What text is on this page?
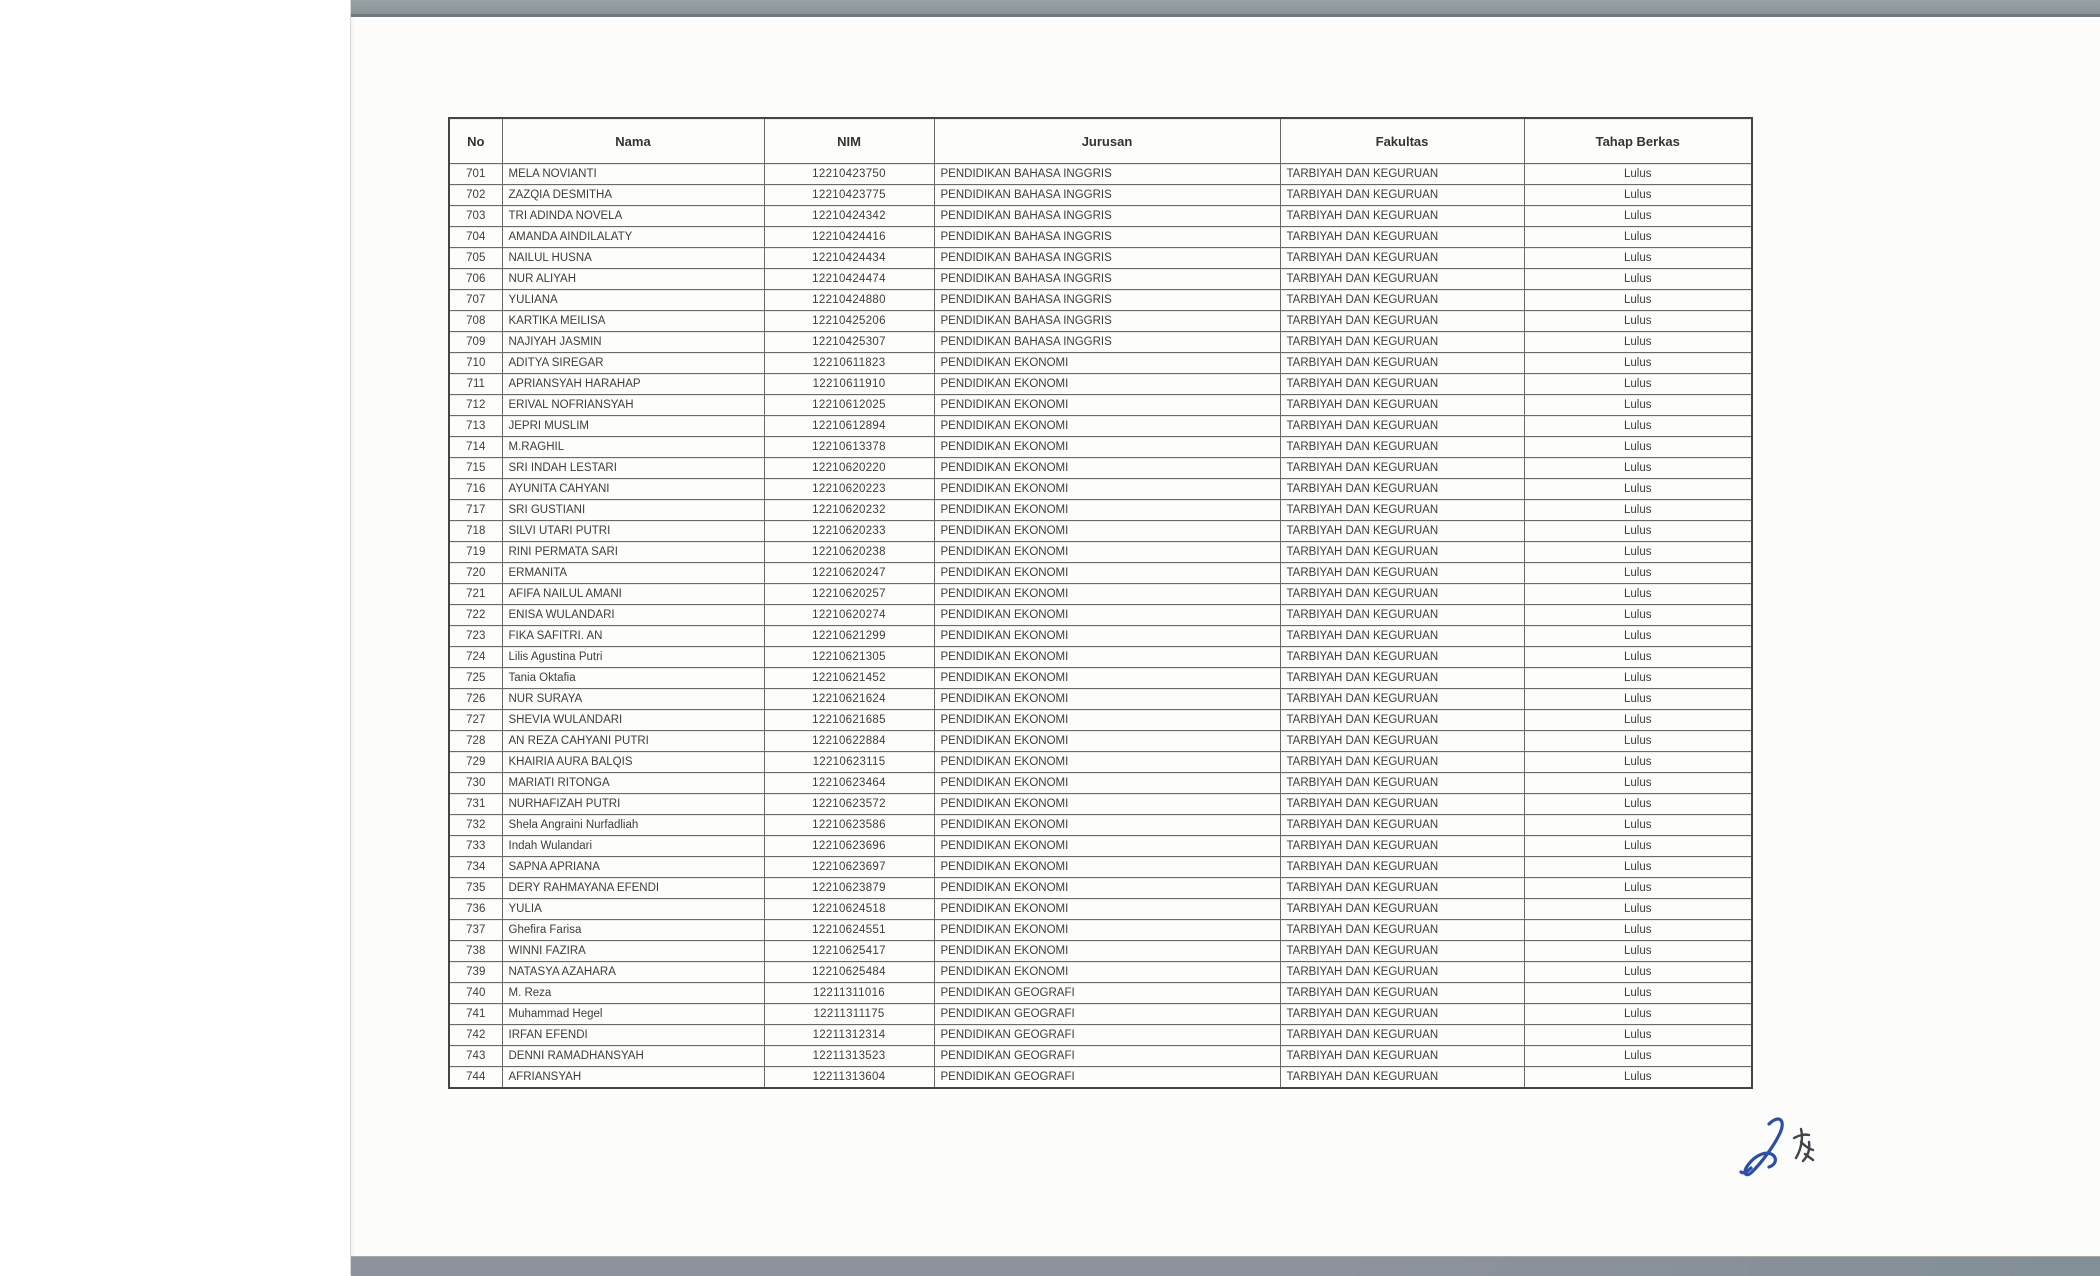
No	Nama	NIM	Jurusan	Fakultas	Tahap Berkas
701	MELA NOVIANTI	12210423750	PENDIDIKAN BAHASA INGGRIS	TARBIYAH DAN KEGURUAN	Lulus
702	ZAZQIA DESMITHA	12210423775	PENDIDIKAN BAHASA INGGRIS	TARBIYAH DAN KEGURUAN	Lulus
703	TRI ADINDA NOVELA	12210424342	PENDIDIKAN BAHASA INGGRIS	TARBIYAH DAN KEGURUAN	Lulus
704	AMANDA AINDILALATY	12210424416	PENDIDIKAN BAHASA INGGRIS	TARBIYAH DAN KEGURUAN	Lulus
705	NAILUL HUSNA	12210424434	PENDIDIKAN BAHASA INGGRIS	TARBIYAH DAN KEGURUAN	Lulus
706	NUR ALIYAH	12210424474	PENDIDIKAN BAHASA INGGRIS	TARBIYAH DAN KEGURUAN	Lulus
707	YULIANA	12210424880	PENDIDIKAN BAHASA INGGRIS	TARBIYAH DAN KEGURUAN	Lulus
708	KARTIKA MEILISA	12210425206	PENDIDIKAN BAHASA INGGRIS	TARBIYAH DAN KEGURUAN	Lulus
709	NAJIYAH JASMIN	12210425307	PENDIDIKAN BAHASA INGGRIS	TARBIYAH DAN KEGURUAN	Lulus
710	ADITYA SIREGAR	12210611823	PENDIDIKAN EKONOMI	TARBIYAH DAN KEGURUAN	Lulus
711	APRIANSYAH HARAHAP	12210611910	PENDIDIKAN EKONOMI	TARBIYAH DAN KEGURUAN	Lulus
712	ERIVAL NOFRIANSYAH	12210612025	PENDIDIKAN EKONOMI	TARBIYAH DAN KEGURUAN	Lulus
713	JEPRI MUSLIM	12210612894	PENDIDIKAN EKONOMI	TARBIYAH DAN KEGURUAN	Lulus
714	M.RAGHIL	12210613378	PENDIDIKAN EKONOMI	TARBIYAH DAN KEGURUAN	Lulus
715	SRI INDAH LESTARI	12210620220	PENDIDIKAN EKONOMI	TARBIYAH DAN KEGURUAN	Lulus
716	AYUNITA CAHYANI	12210620223	PENDIDIKAN EKONOMI	TARBIYAH DAN KEGURUAN	Lulus
717	SRI GUSTIANI	12210620232	PENDIDIKAN EKONOMI	TARBIYAH DAN KEGURUAN	Lulus
718	SILVI UTARI PUTRI	12210620233	PENDIDIKAN EKONOMI	TARBIYAH DAN KEGURUAN	Lulus
719	RINI PERMATA SARI	12210620238	PENDIDIKAN EKONOMI	TARBIYAH DAN KEGURUAN	Lulus
720	ERMANITA	12210620247	PENDIDIKAN EKONOMI	TARBIYAH DAN KEGURUAN	Lulus
721	AFIFA NAILUL AMANI	12210620257	PENDIDIKAN EKONOMI	TARBIYAH DAN KEGURUAN	Lulus
722	ENISA WULANDARI	12210620274	PENDIDIKAN EKONOMI	TARBIYAH DAN KEGURUAN	Lulus
723	FIKA SAFITRI. AN	12210621299	PENDIDIKAN EKONOMI	TARBIYAH DAN KEGURUAN	Lulus
724	Lilis Agustina Putri	12210621305	PENDIDIKAN EKONOMI	TARBIYAH DAN KEGURUAN	Lulus
725	Tania Oktafia	12210621452	PENDIDIKAN EKONOMI	TARBIYAH DAN KEGURUAN	Lulus
726	NUR SURAYA	12210621624	PENDIDIKAN EKONOMI	TARBIYAH DAN KEGURUAN	Lulus
727	SHEVIA WULANDARI	12210621685	PENDIDIKAN EKONOMI	TARBIYAH DAN KEGURUAN	Lulus
728	AN REZA CAHYANI PUTRI	12210622884	PENDIDIKAN EKONOMI	TARBIYAH DAN KEGURUAN	Lulus
729	KHAIRIA AURA BALQIS	12210623115	PENDIDIKAN EKONOMI	TARBIYAH DAN KEGURUAN	Lulus
730	MARIATI RITONGA	12210623464	PENDIDIKAN EKONOMI	TARBIYAH DAN KEGURUAN	Lulus
731	NURHAFIZAH PUTRI	12210623572	PENDIDIKAN EKONOMI	TARBIYAH DAN KEGURUAN	Lulus
732	Shela Angraini Nurfadliah	12210623586	PENDIDIKAN EKONOMI	TARBIYAH DAN KEGURUAN	Lulus
733	Indah Wulandari	12210623696	PENDIDIKAN EKONOMI	TARBIYAH DAN KEGURUAN	Lulus
734	SAPNA APRIANA	12210623697	PENDIDIKAN EKONOMI	TARBIYAH DAN KEGURUAN	Lulus
735	DERY RAHMAYANA EFENDI	12210623879	PENDIDIKAN EKONOMI	TARBIYAH DAN KEGURUAN	Lulus
736	YULIA	12210624518	PENDIDIKAN EKONOMI	TARBIYAH DAN KEGURUAN	Lulus
737	Ghefira Farisa	12210624551	PENDIDIKAN EKONOMI	TARBIYAH DAN KEGURUAN	Lulus
738	WINNI FAZIRA	12210625417	PENDIDIKAN EKONOMI	TARBIYAH DAN KEGURUAN	Lulus
739	NATASYA AZAHARA	12210625484	PENDIDIKAN EKONOMI	TARBIYAH DAN KEGURUAN	Lulus
740	M. Reza	12211311016	PENDIDIKAN GEOGRAFI	TARBIYAH DAN KEGURUAN	Lulus
741	Muhammad Hegel	12211311175	PENDIDIKAN GEOGRAFI	TARBIYAH DAN KEGURUAN	Lulus
742	IRFAN EFENDI	12211312314	PENDIDIKAN GEOGRAFI	TARBIYAH DAN KEGURUAN	Lulus
743	DENNI RAMADHANSYAH	12211313523	PENDIDIKAN GEOGRAFI	TARBIYAH DAN KEGURUAN	Lulus
744	AFRIANSYAH	12211313604	PENDIDIKAN GEOGRAFI	TARBIYAH DAN KEGURUAN	Lulus
